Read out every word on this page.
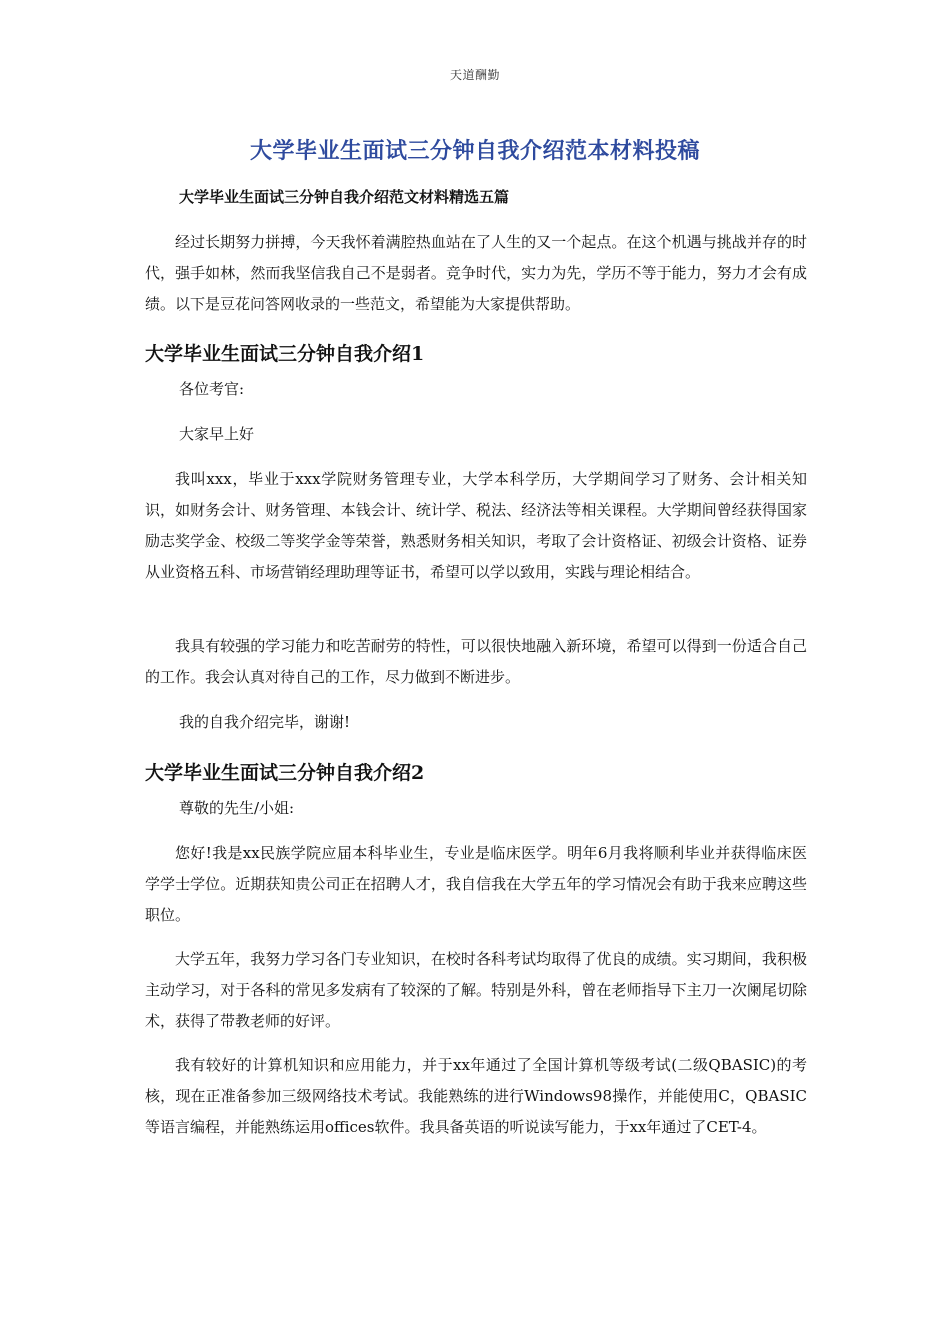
天道酬勤
大学毕业生面试三分钟自我介绍范本材料投稿
大学毕业生面试三分钟自我介绍范文材料精选五篇
经过长期努力拼搏，今天我怀着满腔热血站在了人生的又一个起点。在这个机遇与挑战并存的时代，强手如林，然而我坚信我自己不是弱者。竞争时代，实力为先，学历不等于能力，努力才会有成绩。以下是豆花问答网收录的一些范文，希望能为大家提供帮助。
大学毕业生面试三分钟自我介绍1
各位考官:
大家早上好
我叫xxx，毕业于xxx学院财务管理专业，大学本科学历，大学期间学习了财务、会计相关知识，如财务会计、财务管理、本钱会计、统计学、税法、经济法等相关课程。大学期间曾经获得国家励志奖学金、校级二等奖学金等荣誉，熟悉财务相关知识，考取了会计资格证、初级会计资格、证券从业资格五科、市场营销经理助理等证书，希望可以学以致用，实践与理论相结合。
我具有较强的学习能力和吃苦耐劳的特性，可以很快地融入新环境，希望可以得到一份适合自己的工作。我会认真对待自己的工作，尽力做到不断进步。
我的自我介绍完毕，谢谢!
大学毕业生面试三分钟自我介绍2
尊敬的先生/小姐:
您好!我是xx民族学院应届本科毕业生，专业是临床医学。明年6月我将顺利毕业并获得临床医学学士学位。近期获知贵公司正在招聘人才，我自信我在大学五年的学习情况会有助于我来应聘这些职位。
大学五年，我努力学习各门专业知识，在校时各科考试均取得了优良的成绩。实习期间，我积极主动学习，对于各科的常见多发病有了较深的了解。特别是外科，曾在老师指导下主刀一次阑尾切除术，获得了带教老师的好评。
我有较好的计算机知识和应用能力，并于xx年通过了全国计算机等级考试(二级QBASIC)的考核，现在正准备参加三级网络技术考试。我能熟练的进行Windows98操作，并能使用C，QBASIC等语言编程，并能熟练运用offices软件。我具备英语的听说读写能力，于xx年通过了CET-4。
